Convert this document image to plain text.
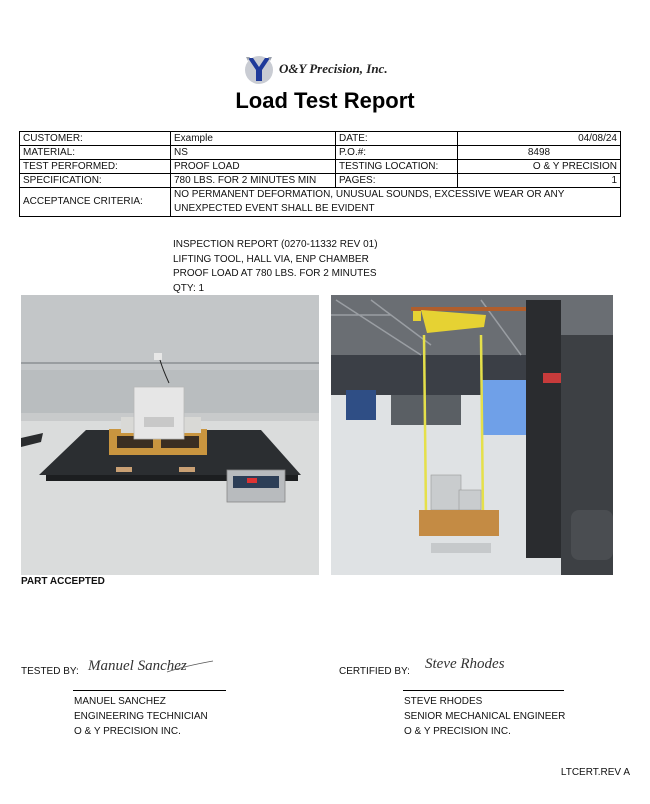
O&Y Precision, Inc.
Load Test Report
CUSTOMER:	Example	DATE:	04/08/24
MATERIAL:	NS	P.O.#:	8498
TEST PERFORMED:	PROOF LOAD	TESTING LOCATION:	O & Y PRECISION
SPECIFICATION:	780 LBS. FOR 2 MINUTES MIN	PAGES:	1
ACCEPTANCE CRITERIA:	NO PERMANENT DEFORMATION, UNUSUAL SOUNDS, EXCESSIVE WEAR OR ANY
UNEXPECTED EVENT SHALL BE EVIDENT		
INSPECTION REPORT (0270-11332 REV 01)
LIFTING TOOL, HALL VIA, ENP CHAMBER
PROOF LOAD AT 780 LBS. FOR 2 MINUTES
QTY: 1
PART ACCEPTED
TESTED BY: Manuel Sanchez
MANUEL SANCHEZ
ENGINEERING TECHNICIAN
O & Y PRECISION INC.
CERTIFIED BY: Steve Rhodes
STEVE RHODES
SENIOR MECHANICAL ENGINEER
O & Y PRECISION INC.
LTCERT.REV A
